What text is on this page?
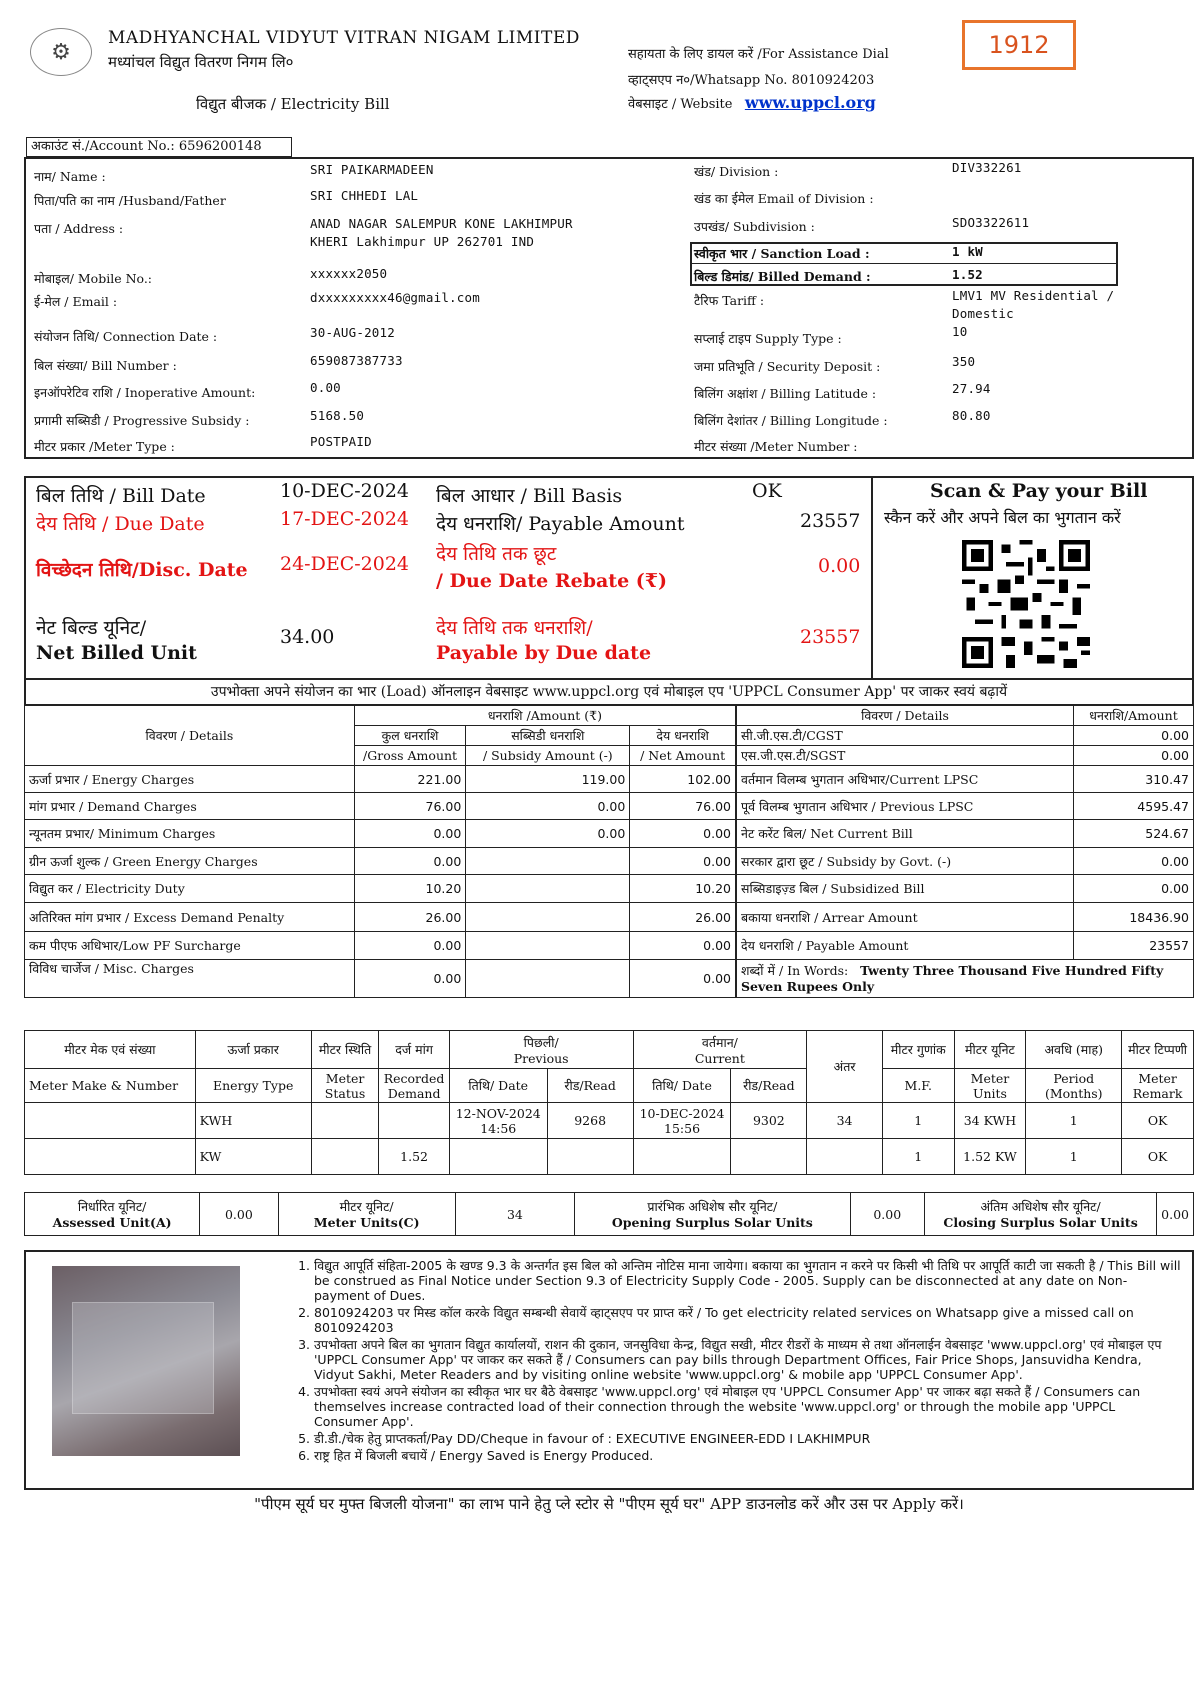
⚙
MADHYANCHAL VIDYUT VITRAN NIGAM LIMITED
मध्यांचल विद्युत वितरण निगम लि०
विद्युत बीजक / Electricity Bill
सहायता के लिए डायल करें /For Assistance Dial
व्हाट्सएप न०/Whatsapp No. 8010924203
वेबसाइट / Website www.uppcl.org
1912
अकाउंट सं./Account No.: 6596200148
नाम/ Name :	SRI PAIKARMADEEN
पिता/पति का नाम /Husband/Father	SRI CHHEDI LAL
पता / Address :	ANAD NAGAR SALEMPUR KONE LAKHIMPUR
KHERI Lakhimpur UP 262701 IND
मोबाइल/ Mobile No.:	xxxxxx2050
ई-मेल / Email :	dxxxxxxxxx46@gmail.com
संयोजन तिथि/ Connection Date :	30-AUG-2012
बिल संख्या/ Bill Number :	659087387733
इनऑपरेटिव राशि / Inoperative Amount:	0.00
प्रगामी सब्सिडी / Progressive Subsidy :	5168.50
मीटर प्रकार /Meter Type :	POSTPAID
खंड/ Division :	DIV332261
खंड का ईमेल Email of Division :
उपखंड/ Subdivision :	SDO3322611
स्वीकृत भार / Sanction Load :	1 kW
बिल्ड डिमांड/ Billed Demand :	1.52
टैरिफ Tariff :	LMV1 MV Residential /
Domestic
सप्लाई टाइप Supply Type :	10
जमा प्रतिभूति / Security Deposit :	350
बिलिंग अक्षांश / Billing Latitude :	27.94
बिलिंग देशांतर / Billing Longitude :	80.80
मीटर संख्या /Meter Number :
बिल तिथि / Bill Date	10-DEC-2024
देय तिथि / Due Date	17-DEC-2024
विच्छेदन तिथि/Disc. Date 24-DEC-2024
नेट बिल्ड यूनिट/
Net Billed Unit
34.00
बिल आधार / Bill Basis	OK
देय धनराशि/ Payable Amount	23557
देय तिथि तक छूट
/ Due Date Rebate (₹)
0.00
देय तिथि तक धनराशि/
Payable by Due date
23557
Scan & Pay your Bill
स्कैन करें और अपने बिल का भुगतान करें
उपभोक्ता अपने संयोजन का भार (Load) ऑनलाइन वेबसाइट www.uppcl.org एवं मोबाइल एप 'UPPCL Consumer App' पर जाकर स्वयं बढ़ायें
विवरण / Details	धनराशि /Amount (₹)		
	कुल धनराशि	सब्सिडी धनराशि	देय धनराशि
	/Gross Amount	/ Subsidy Amount (-)	/ Net Amount
ऊर्जा प्रभार / Energy Charges	221.00	119.00	102.00
मांग प्रभार / Demand Charges	76.00	0.00	76.00
न्यूनतम प्रभार/ Minimum Charges	0.00	0.00	0.00
ग्रीन ऊर्जा शुल्क / Green Energy Charges	0.00		0.00
विद्युत कर / Electricity Duty	10.20		10.20
अतिरिक्त मांग प्रभार / Excess Demand Penalty	26.00		26.00
कम पीएफ अधिभार/Low PF Surcharge	0.00		0.00
विविध चार्जेज / Misc. Charges	0.00		0.00
विवरण / Details	धनराशि/Amount
सी.जी.एस.टी/CGST	0.00
एस.जी.एस.टी/SGST	0.00
वर्तमान विलम्ब भुगतान अधिभार/Current LPSC	310.47
पूर्व विलम्ब भुगतान अधिभार / Previous LPSC	4595.47
नेट करेंट बिल/ Net Current Bill	524.67
सरकार द्वारा छूट / Subsidy by Govt. (-)	0.00
सब्सिडाइज़्ड बिल / Subsidized Bill	0.00
बकाया धनराशि / Arrear Amount	18436.90
देय धनराशि / Payable Amount	23557
शब्दों में / In Words: Twenty Three Thousand Five Hundred Fifty Seven Rupees Only	
मीटर मेक एवं संख्या	ऊर्जा प्रकार	मीटर स्थिति	दर्ज मांग	पिछली/
Previous		वर्तमान/
Current		अंतर	मीटर गुणांक	मीटर यूनिट	अवधि (माह)	मीटर टिप्पणी
Meter Make & Number	Energy Type	Meter Status	Recorded Demand	तिथि/ Date	रीड/Read	तिथि/ Date	रीड/Read		M.F.	Meter Units	Period (Months)	Meter Remark
	KWH			12-NOV-2024 14:56	9268	10-DEC-2024 15:56	9302	34	1	34 KWH	1	OK
	KW		1.52						1	1.52 KW	1	OK
निर्धारित यूनिट/
Assessed Unit(A)	0.00	मीटर यूनिट/
Meter Units(C)	34	प्रारंभिक अधिशेष सौर यूनिट/
Opening Surplus Solar Units	0.00	अंतिम अधिशेष सौर यूनिट/
Closing Surplus Solar Units	0.00
1. विद्युत आपूर्ति संहिता-2005 के खण्ड 9.3 के अन्तर्गत इस बिल को अन्तिम नोटिस माना जायेगा। बकाया का भुगतान न करने पर किसी भी तिथि पर आपूर्ति काटी जा सकती है / This Bill will be construed as Final Notice under Section 9.3 of Electricity Supply Code - 2005. Supply can be disconnected at any date on Non-payment of Dues.
2. 8010924203 पर मिस्ड कॉल करके विद्युत सम्बन्धी सेवायें व्हाट्सएप पर प्राप्त करें / To get electricity related services on Whatsapp give a missed call on 8010924203
3. उपभोक्ता अपने बिल का भुगतान विद्युत कार्यालयों, राशन की दुकान, जनसुविधा केन्द्र, विद्युत सखी, मीटर रीडरों के माध्यम से तथा ऑनलाईन वेबसाइट 'www.uppcl.org' एवं मोबाइल एप 'UPPCL Consumer App' पर जाकर कर सकते हैं / Consumers can pay bills through Department Offices, Fair Price Shops, Jansuvidha Kendra, Vidyut Sakhi, Meter Readers and by visiting online website 'www.uppcl.org' & mobile app 'UPPCL Consumer App'.
4. उपभोक्ता स्वयं अपने संयोजन का स्वीकृत भार घर बैठे वेबसाइट 'www.uppcl.org' एवं मोबाइल एप 'UPPCL Consumer App' पर जाकर बढ़ा सकते हैं / Consumers can themselves increase contracted load of their connection through the website 'www.uppcl.org' or through the mobile app 'UPPCL Consumer App'.
5. डी.डी./चेक हेतु प्राप्तकर्ता/Pay DD/Cheque in favour of : EXECUTIVE ENGINEER-EDD I LAKHIMPUR
6. राष्ट्र हित में बिजली बचायें / Energy Saved is Energy Produced.
"पीएम सूर्य घर मुफ्त बिजली योजना" का लाभ पाने हेतु प्ले स्टोर से "पीएम सूर्य घर" APP डाउनलोड करें और उस पर Apply करें।
